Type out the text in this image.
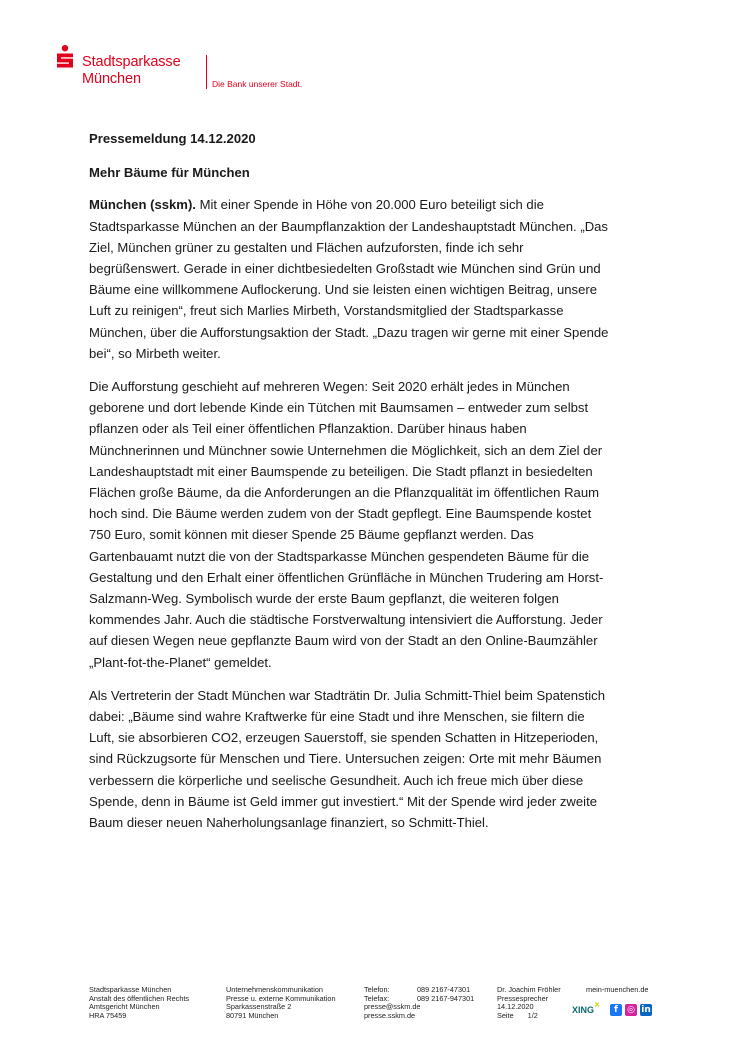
Stadtsparkasse
München	Die Bank unserer Stadt.

Pressemeldung 14.12.2020

Mehr Bäume für München

München (sskm). Mit einer Spende in Höhe von 20.000 Euro beteiligt sich die Stadtsparkasse München an der Baumpflanzaktion der Landeshauptstadt München. „Das Ziel, München grüner zu gestalten und Flächen aufzuforsten, finde ich sehr begrüßenswert. Gerade in einer dichtbesiedelten Großstadt wie München sind Grün und Bäume eine willkommene Auflockerung. Und sie leisten einen wichtigen Beitrag, unsere Luft zu reinigen“, freut sich Marlies Mirbeth, Vorstandsmitglied der Stadtsparkasse München, über die Aufforstungsaktion der Stadt. „Dazu tragen wir gerne mit einer Spende bei“, so Mirbeth weiter.

Die Aufforstung geschieht auf mehreren Wegen: Seit 2020 erhält jedes in München geborene und dort lebende Kinde ein Tütchen mit Baumsamen – entweder zum selbst pflanzen oder als Teil einer öffentlichen Pflanzaktion. Darüber hinaus haben Münchnerinnen und Münchner sowie Unternehmen die Möglichkeit, sich an dem Ziel der Landeshauptstadt mit einer Baumspende zu beteiligen. Die Stadt pflanzt in besiedelten Flächen große Bäume, da die Anforderungen an die Pflanzqualität im öffentlichen Raum hoch sind. Die Bäume werden zudem von der Stadt gepflegt. Eine Baumspende kostet 750 Euro, somit können mit dieser Spende 25 Bäume gepflanzt werden. Das Gartenbauamt nutzt die von der Stadtsparkasse München gespendeten Bäume für die Gestaltung und den Erhalt einer öffentlichen Grünfläche in München Trudering am Horst-Salzmann-Weg. Symbolisch wurde der erste Baum gepflanzt, die weiteren folgen kommendes Jahr. Auch die städtische Forstverwaltung intensiviert die Aufforstung. Jeder auf diesen Wegen neue gepflanzte Baum wird von der Stadt an den Online-Baumzähler „Plant-fot-the-Planet“ gemeldet.

Als Vertreterin der Stadt München war Stadträtin Dr. Julia Schmitt-Thiel beim Spatenstich dabei: „Bäume sind wahre Kraftwerke für eine Stadt und ihre Menschen, sie filtern die Luft, sie absorbieren CO2, erzeugen Sauerstoff, sie spenden Schatten in Hitzeperioden, sind Rückzugsorte für Menschen und Tiere. Untersuchen zeigen: Orte mit mehr Bäumen verbessern die körperliche und seelische Gesundheit. Auch ich freue mich über diese Spende, denn in Bäume ist Geld immer gut investiert.“ Mit der Spende wird jeder zweite Baum dieser neuen Naherholungsanlage finanziert, so Schmitt-Thiel.

Stadtsparkasse München
Anstalt des öffentlichen Rechts
Amtsgericht München
HRA 75459
Unternehmenskommunikation
Presse u. externe Kommunikation
Sparkassenstraße 2
80791 München
Telefon:
Telefax:
089 2167-47301
089 2167-947301
presse@sskm.de
presse.sskm.de
Dr. Joachim Fröhler
Pressesprecher
14.12.2020
Seite 1/2
mein-muenchen.de
XING ✕	f	◎ in
